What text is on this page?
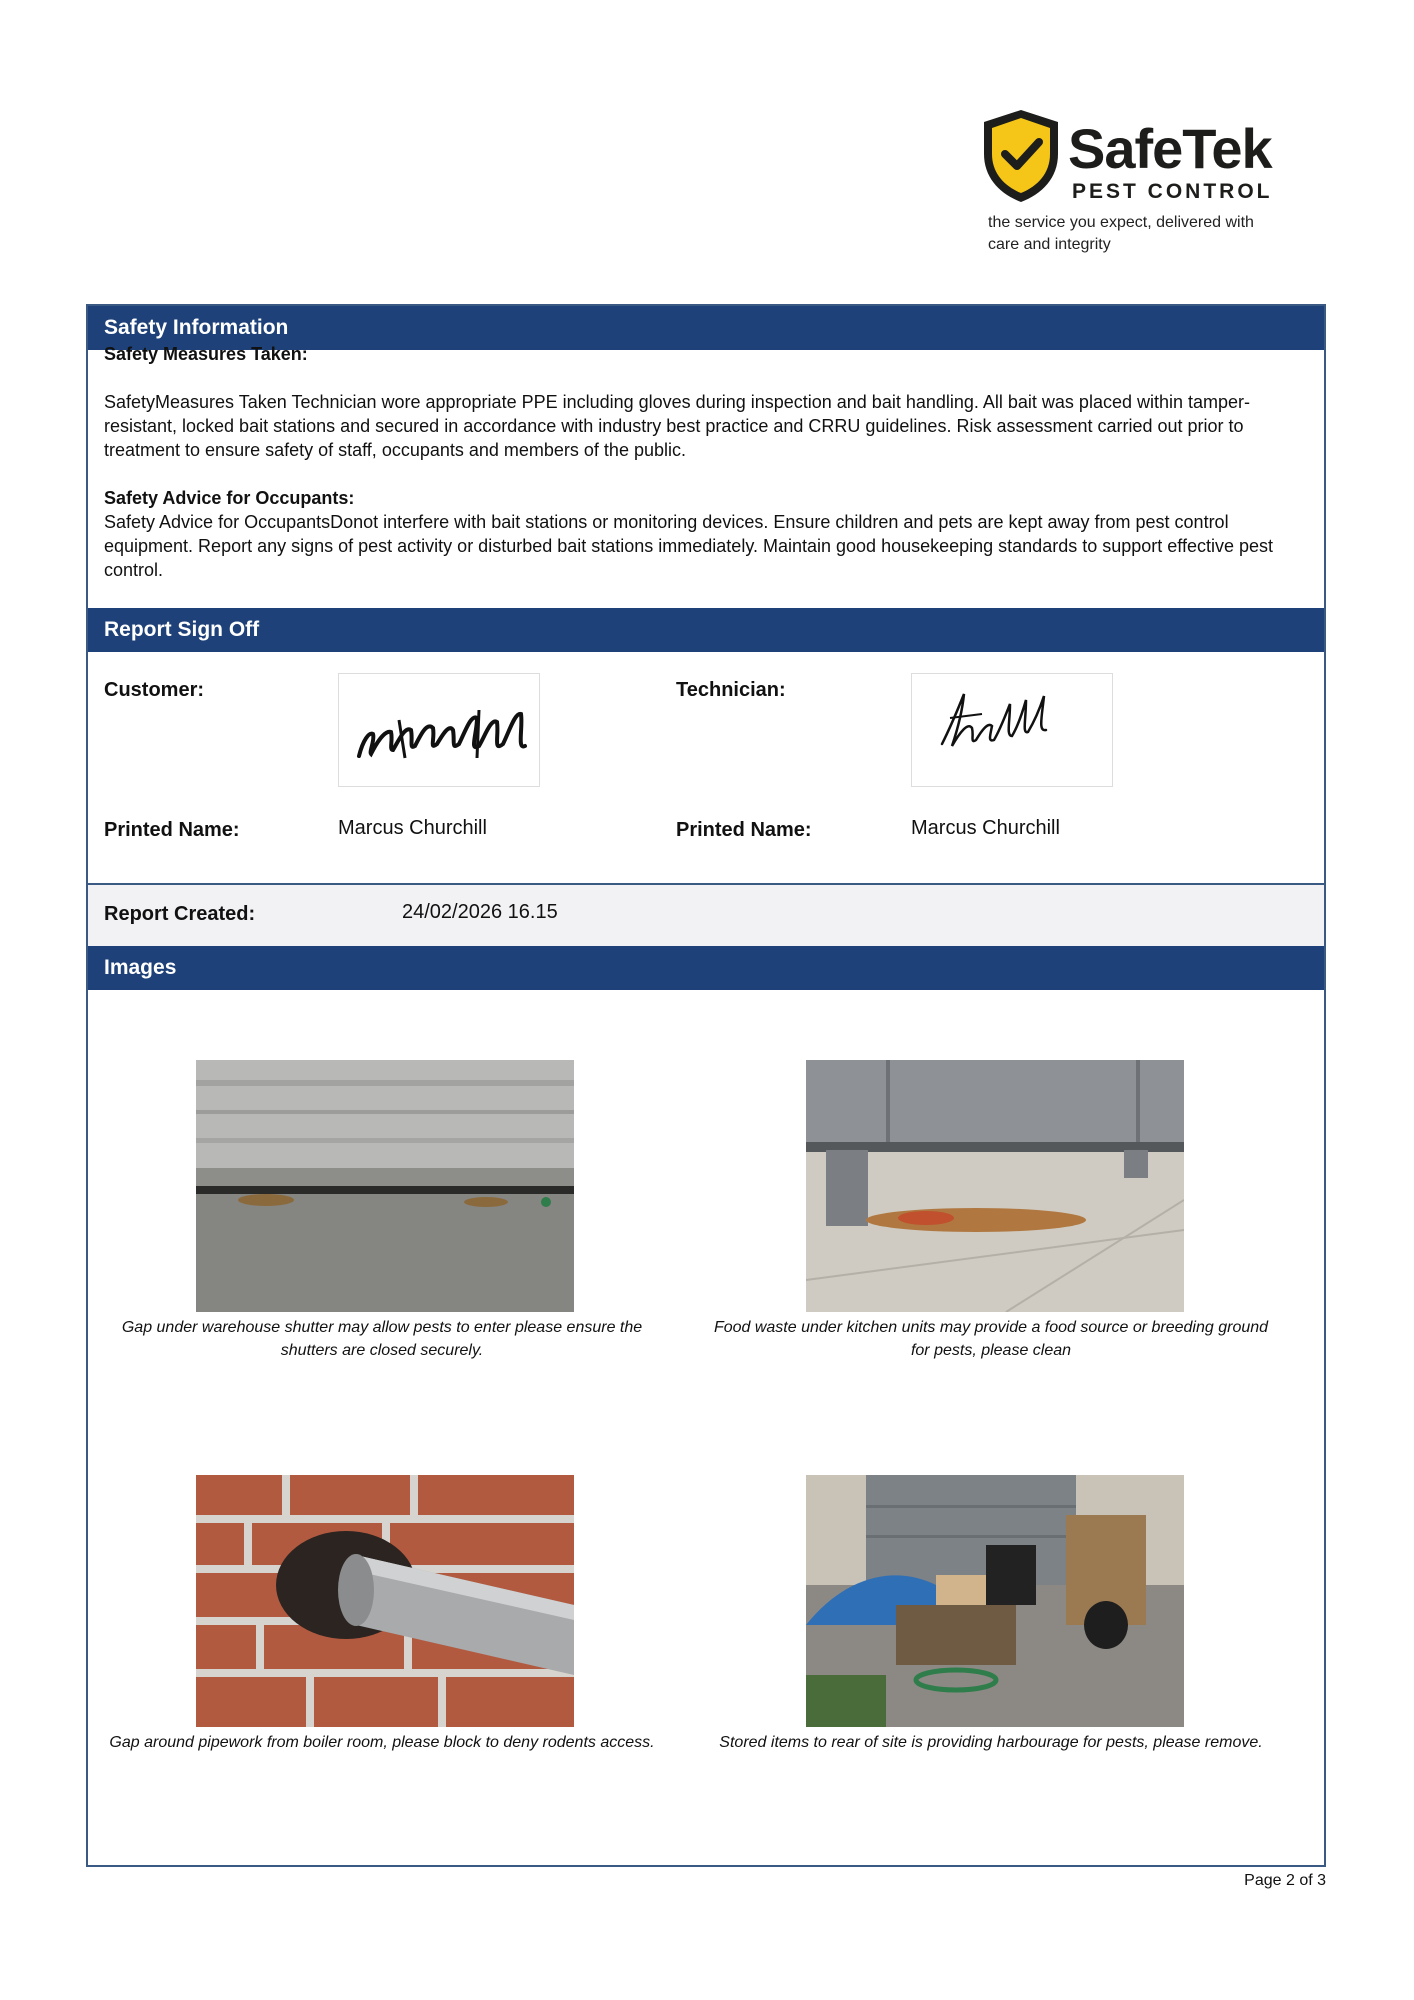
SafeTek
PEST CONTROL
the service you expect, delivered with care and integrity
Safety Information
Safety Measures Taken:
SafetyMeasures Taken Technician wore appropriate PPE including gloves during inspection and bait handling. All bait was placed within tamper-resistant, locked bait stations and secured in accordance with industry best practice and CRRU guidelines. Risk assessment carried out prior to treatment to ensure safety of staff, occupants and members of the public.
Safety Advice for Occupants:
Safety Advice for OccupantsDonot interfere with bait stations or monitoring devices. Ensure children and pets are kept away from pest control equipment. Report any signs of pest activity or disturbed bait stations immediately. Maintain good housekeeping standards to support effective pest control.
Report Sign Off
Customer:	Technician:
Printed Name:	Marcus Churchill	Printed Name:	Marcus Churchill
Report Created:	24/02/2026 16.15
Images
Gap under warehouse shutter may allow pests to enter please ensure the shutters are closed securely.
Food waste under kitchen units may provide a food source or breeding ground for pests, please clean
Gap around pipework from boiler room, please block to deny rodents access.	Stored items to rear of site is providing harbourage for pests, please remove.
Page 2 of 3
